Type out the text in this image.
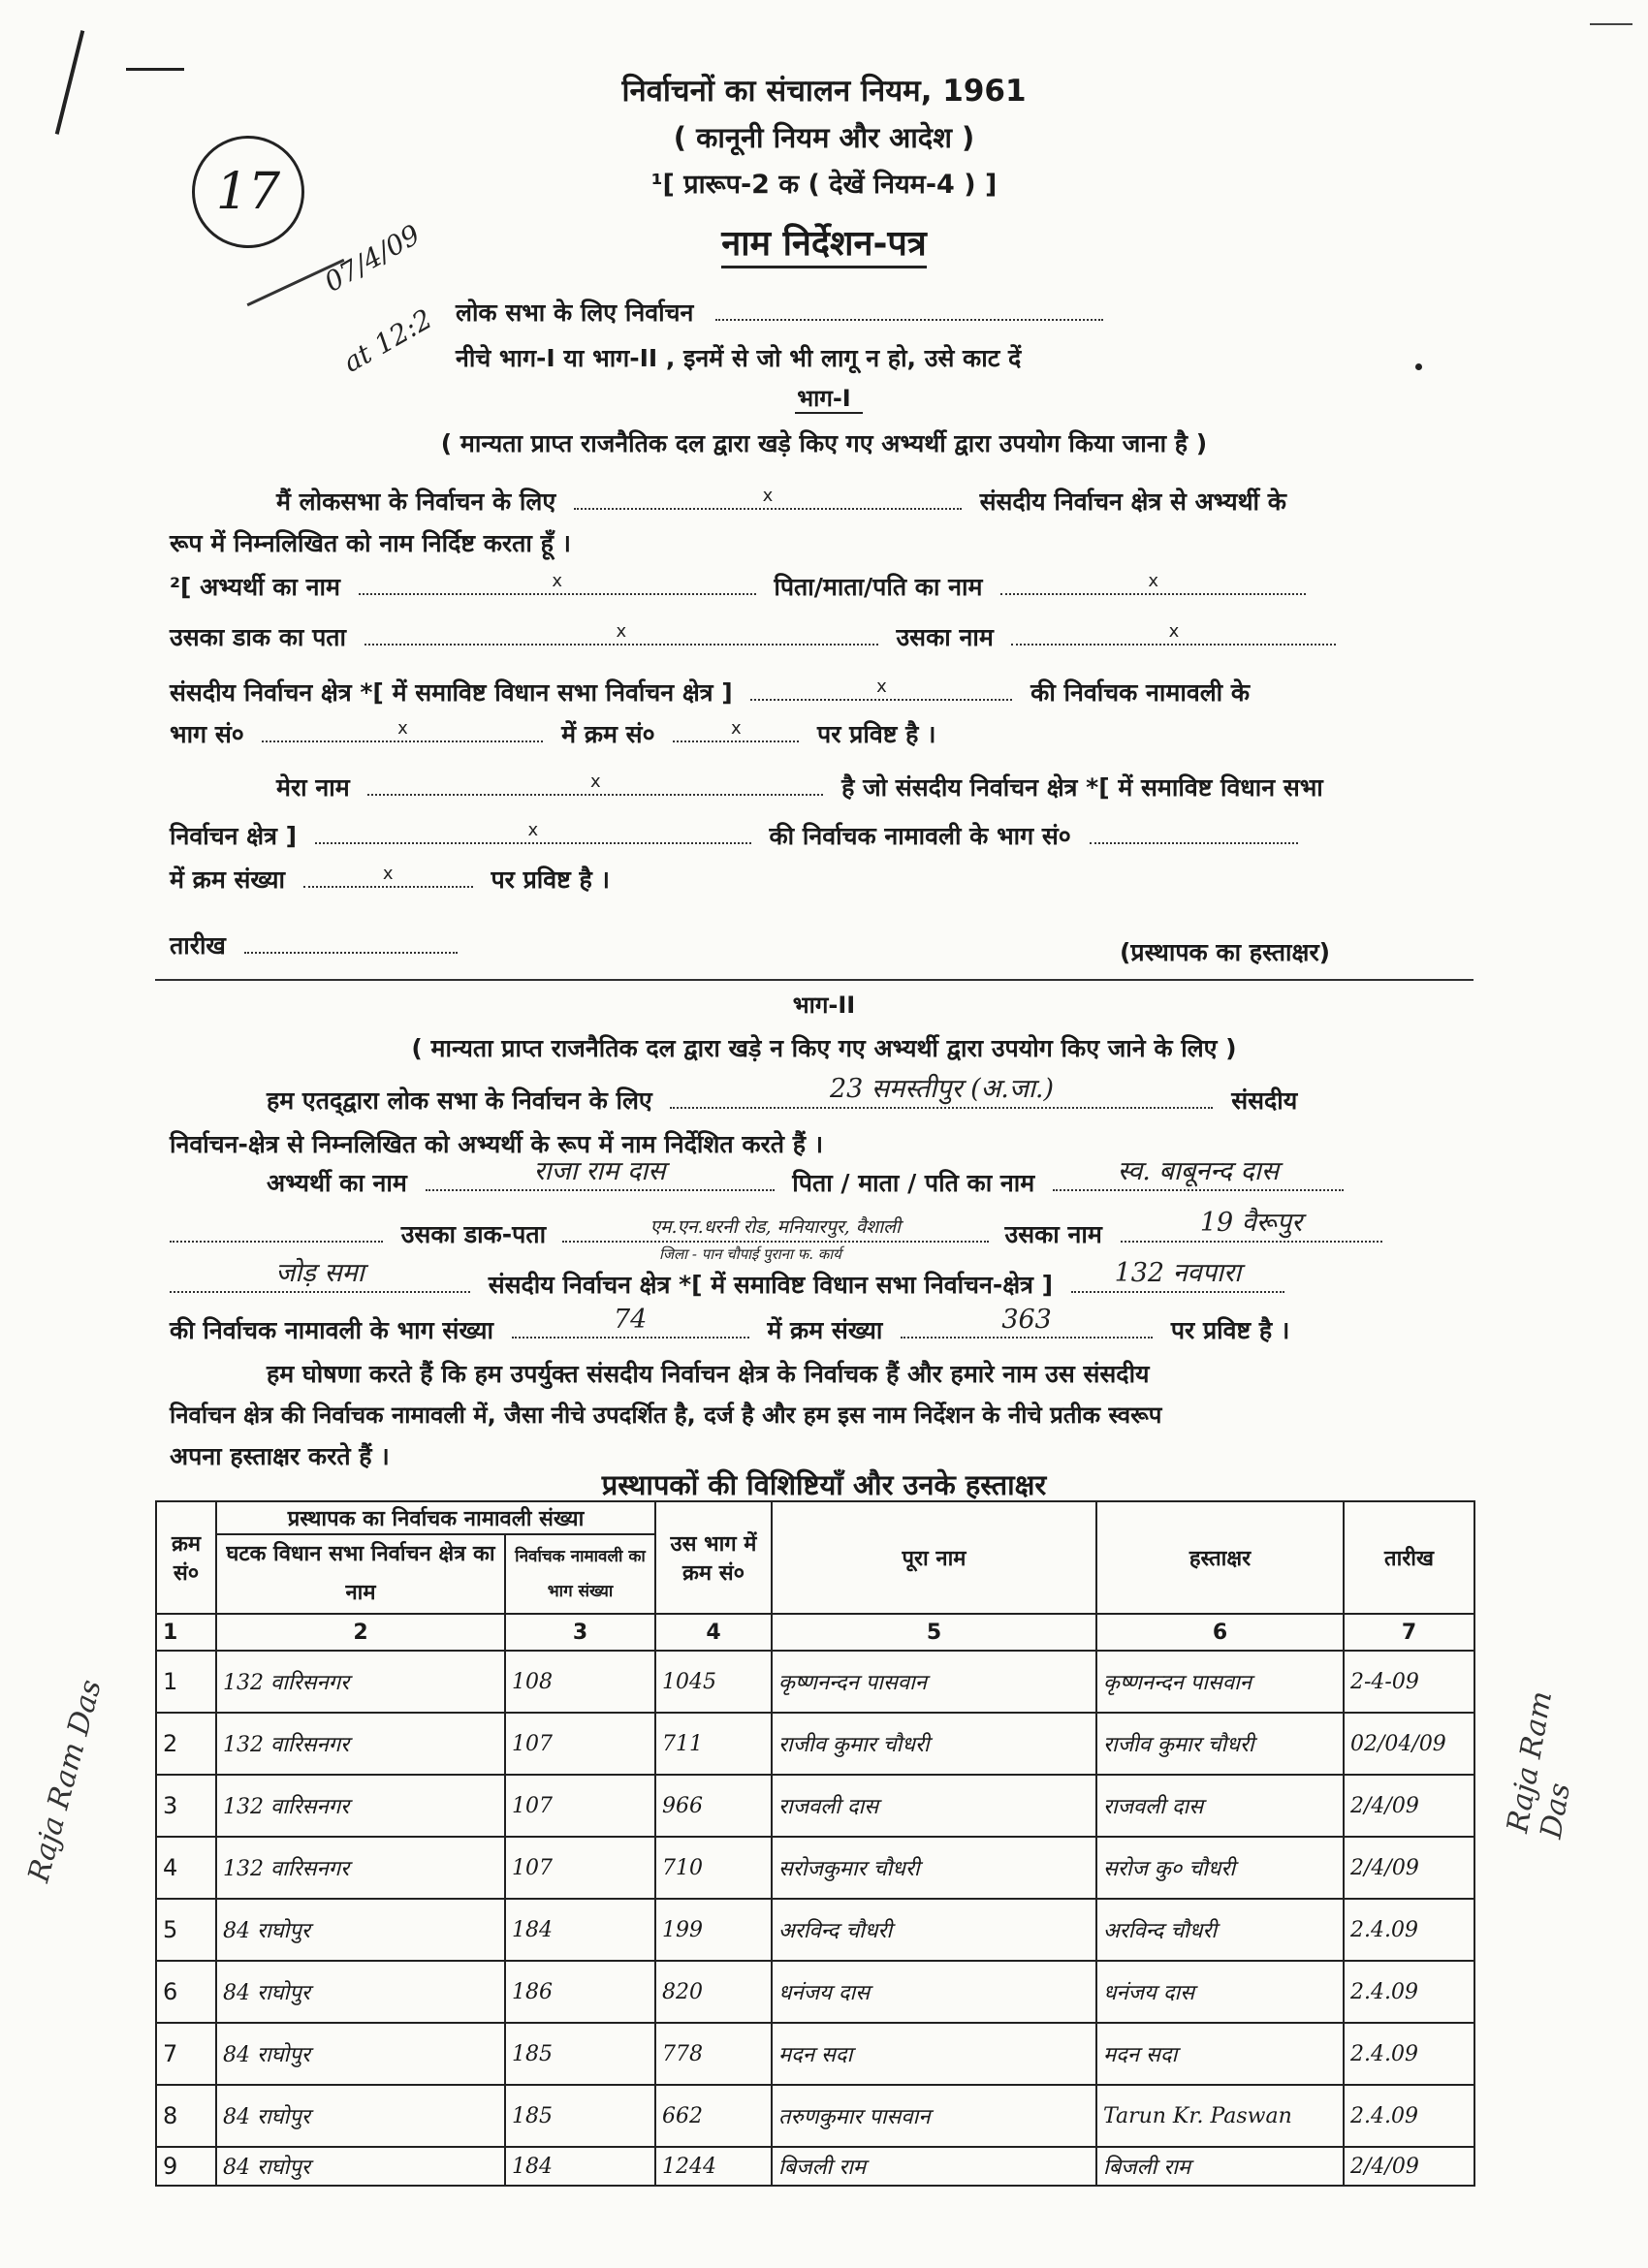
17
07/4/09
at 12:2
निर्वाचनों का संचालन नियम, 1961
( कानूनी नियम और आदेश )
¹[ प्रारूप-2 क ( देखें नियम-4 ) ]
नाम निर्देशन-पत्र
लोक सभा के लिए निर्वाचन
नीचे भाग-I या भाग-II , इनमें से जो भी लागू न हो, उसे काट दें
भाग-I
( मान्यता प्राप्त राजनैतिक दल द्वारा खड़े किए गए अभ्यर्थी द्वारा उपयोग किया जाना है )
मैं लोकसभा के निर्वाचन के लिए	x	संसदीय निर्वाचन क्षेत्र से अभ्यर्थी के
रूप में निम्नलिखित को नाम निर्दिष्ट करता हूँ ।
²[ अभ्यर्थी का नाम	x	पिता/माता/पति का नाम	x
उसका डाक का पता	x	उसका नाम	x
संसदीय निर्वाचन क्षेत्र *[ में समाविष्ट विधान सभा निर्वाचन क्षेत्र ]	x	की निर्वाचक नामावली के
भाग सं०	x	में क्रम सं०	x	पर प्रविष्ट है ।
मेरा नाम	x	है जो संसदीय निर्वाचन क्षेत्र *[ में समाविष्ट विधान सभा
निर्वाचन क्षेत्र ]	x	की निर्वाचक नामावली के भाग सं०
में क्रम संख्या	x	पर प्रविष्ट है ।
तारीख	(प्रस्थापक का हस्ताक्षर)
भाग-II
( मान्यता प्राप्त राजनैतिक दल द्वारा खड़े न किए गए अभ्यर्थी द्वारा उपयोग किए जाने के लिए )
हम एतद्‌द्वारा लोक सभा के निर्वाचन के लिए	23 समस्तीपुर (अ.जा.)	संसदीय
निर्वाचन-क्षेत्र से निम्नलिखित को अभ्यर्थी के रूप में नाम निर्देशित करते हैं ।
अभ्यर्थी का नाम	राजा राम दास	पिता / माता / पति का नाम	स्व. बाबूनन्द दास
उसका डाक-पता	एम.एन.धरनी रोड, मनियारपुर, वैशाली	उसका नाम	19 वैरूपुर
जिला - पान चौपाई पुराना फ. कार्य
जोड़ समा	संसदीय निर्वाचन क्षेत्र *[ में समाविष्ट विधान सभा निर्वाचन-क्षेत्र ]	132 नवपारा
की निर्वाचक नामावली के भाग संख्या	74	में क्रम संख्या	363	पर प्रविष्ट है ।
हम घोषणा करते हैं कि हम उपर्युक्त संसदीय निर्वाचन क्षेत्र के निर्वाचक हैं और हमारे नाम उस संसदीय
निर्वाचन क्षेत्र की निर्वाचक नामावली में, जैसा नीचे उपदर्शित है, दर्ज है और हम इस नाम निर्देशन के नीचे प्रतीक स्वरूप
अपना हस्ताक्षर करते हैं ।
प्रस्थापकों की विशिष्टियाँ और उनके हस्ताक्षर
क्रम सं०	प्रस्थापक का निर्वाचक नामावली संख्या		उस भाग में क्रम सं०	पूरा नाम	हस्ताक्षर	तारीख
	घटक विधान सभा निर्वाचन क्षेत्र का नाम	निर्वाचक नामावली का भाग संख्या				

1	2	3	4	5	6	7
1	132 वारिसनगर	108	1045	कृष्णनन्दन पासवान	कृष्णनन्दन पासवान	2-4-09
2	132 वारिसनगर	107	711	राजीव कुमार चौधरी	राजीव कुमार चौधरी	02/04/09
3	132 वारिसनगर	107	966	राजवली दास	राजवली दास	2/4/09
4	132 वारिसनगर	107	710	सरोजकुमार चौधरी	सरोज कु० चौधरी	2/4/09
5	84 राघोपुर	184	199	अरविन्द चौधरी	अरविन्द चौधरी	2.4.09
6	84 राघोपुर	186	820	धनंजय दास	धनंजय दास	2.4.09
7	84 राघोपुर	185	778	मदन सदा	मदन सदा	2.4.09
8	84 राघोपुर	185	662	तरुणकुमार पासवान	Tarun Kr. Paswan	2.4.09
9	84 राघोपुर	184	1244	बिजली राम	बिजली राम	2/4/09
Raja Ram Das	Raja Ram Das
